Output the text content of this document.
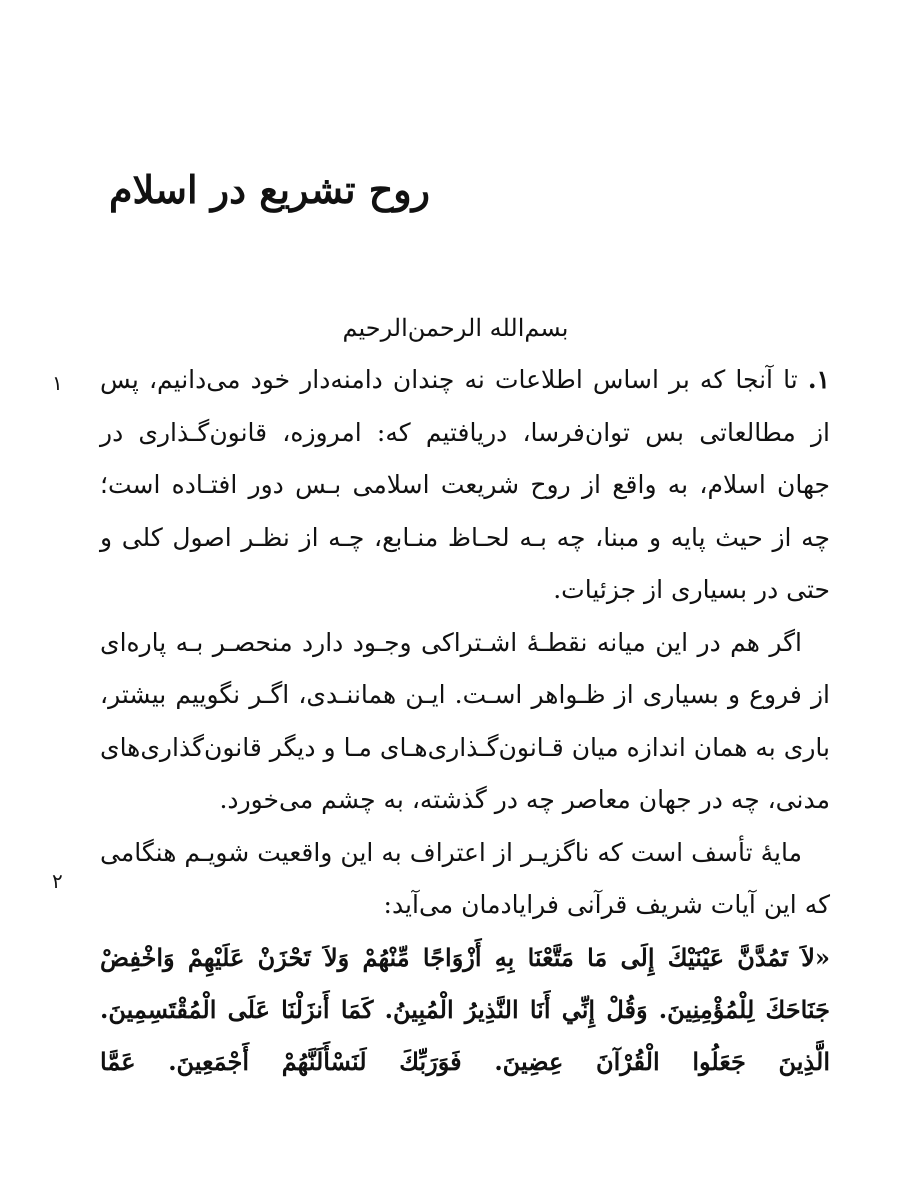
روح تشریع در اسلام
بسم‌الله الرحمن‌الرحیم
۱
۲

۱. تا آنجا که بر اساس اطلاعات نه چندان دامنه‌دار خود می‌دانیم، پس از مطالعاتی بس توان‌فرسا، دریافتیم که: امروزه، قانون‌گـذاری در جهان اسلام، به واقع از روح شریعت اسلامی بـس دور افتـاده است؛ چه از حیث پایه و مبنا، چه بـه لحـاظ منـابع، چـه از نظـر اصول کلی و حتی در بسیاری از جزئیات.

اگر هم در این میانه نقطـهٔ اشـتراکی وجـود دارد منحصـر بـه پاره‌ای از فروع و بسیاری از ظـواهر اسـت. ایـن هماننـدی، اگـر نگوییم بیشتر، باری به همان اندازه میان قـانون‌گـذاری‌هـای مـا و دیگر قانون‌گذاری‌های مدنی، چه در جهان معاصر چه در گذشته، به چشم می‌خورد.

مایهٔ تأسف است که ناگزیـر از اعتراف به این واقعیت شویـم هنگامی که این آیات شریف قرآنی فرایادمان می‌آید:

«لاَ تَمُدَّنَّ عَيْنَيْكَ إِلَى مَا مَتَّعْنَا بِهِ أَزْوَاجًا مِّنْهُمْ وَلاَ تَحْزَنْ عَلَيْهِمْ وَاخْفِضْ جَنَاحَكَ لِلْمُؤْمِنِينَ. وَقُلْ إِنِّي أَنَا النَّذِيرُ الْمُبِينُ. كَمَا أَنزَلْنَا عَلَى الْمُقْتَسِمِينَ. الَّذِينَ جَعَلُوا الْقُرْآنَ عِضِينَ. فَوَرَبِّكَ لَنَسْأَلَنَّهُمْ أَجْمَعِينَ. عَمَّا
